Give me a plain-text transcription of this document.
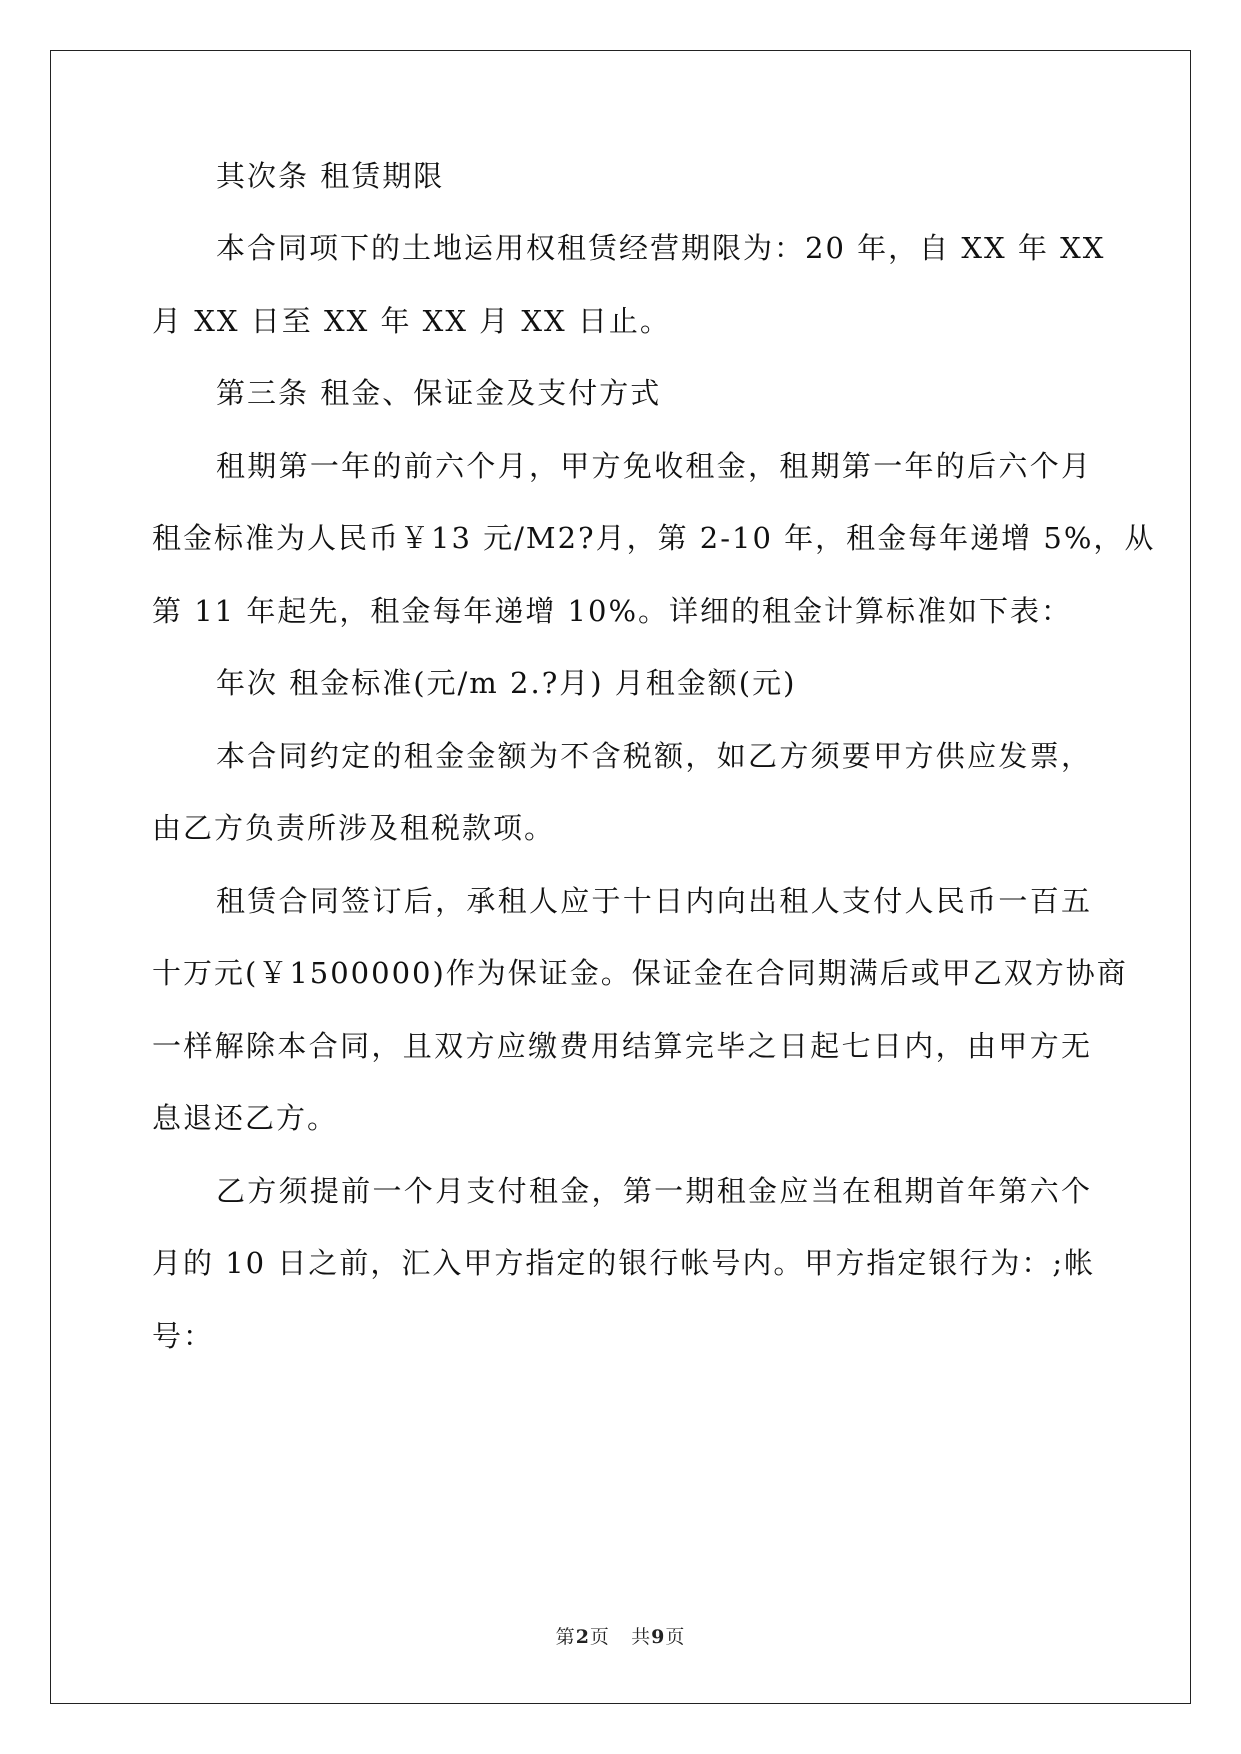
其次条 租赁期限
本合同项下的土地运用权租赁经营期限为：20 年，自 XX 年 XX
月 XX 日至 XX 年 XX 月 XX 日止。
第三条 租金、保证金及支付方式
租期第一年的前六个月，甲方免收租金，租期第一年的后六个月
租金标准为人民币￥13 元/M2?月，第 2-10 年，租金每年递增 5%，从
第 11 年起先，租金每年递增 10%。详细的租金计算标准如下表：
年次 租金标准(元/m 2.?月) 月租金额(元)
本合同约定的租金金额为不含税额，如乙方须要甲方供应发票，
由乙方负责所涉及租税款项。
租赁合同签订后，承租人应于十日内向出租人支付人民币一百五
十万元(￥1500000)作为保证金。保证金在合同期满后或甲乙双方协商
一样解除本合同，且双方应缴费用结算完毕之日起七日内，由甲方无
息退还乙方。
乙方须提前一个月支付租金，第一期租金应当在租期首年第六个
月的 10 日之前，汇入甲方指定的银行帐号内。甲方指定银行为：;帐
号：
第2页 共9页
